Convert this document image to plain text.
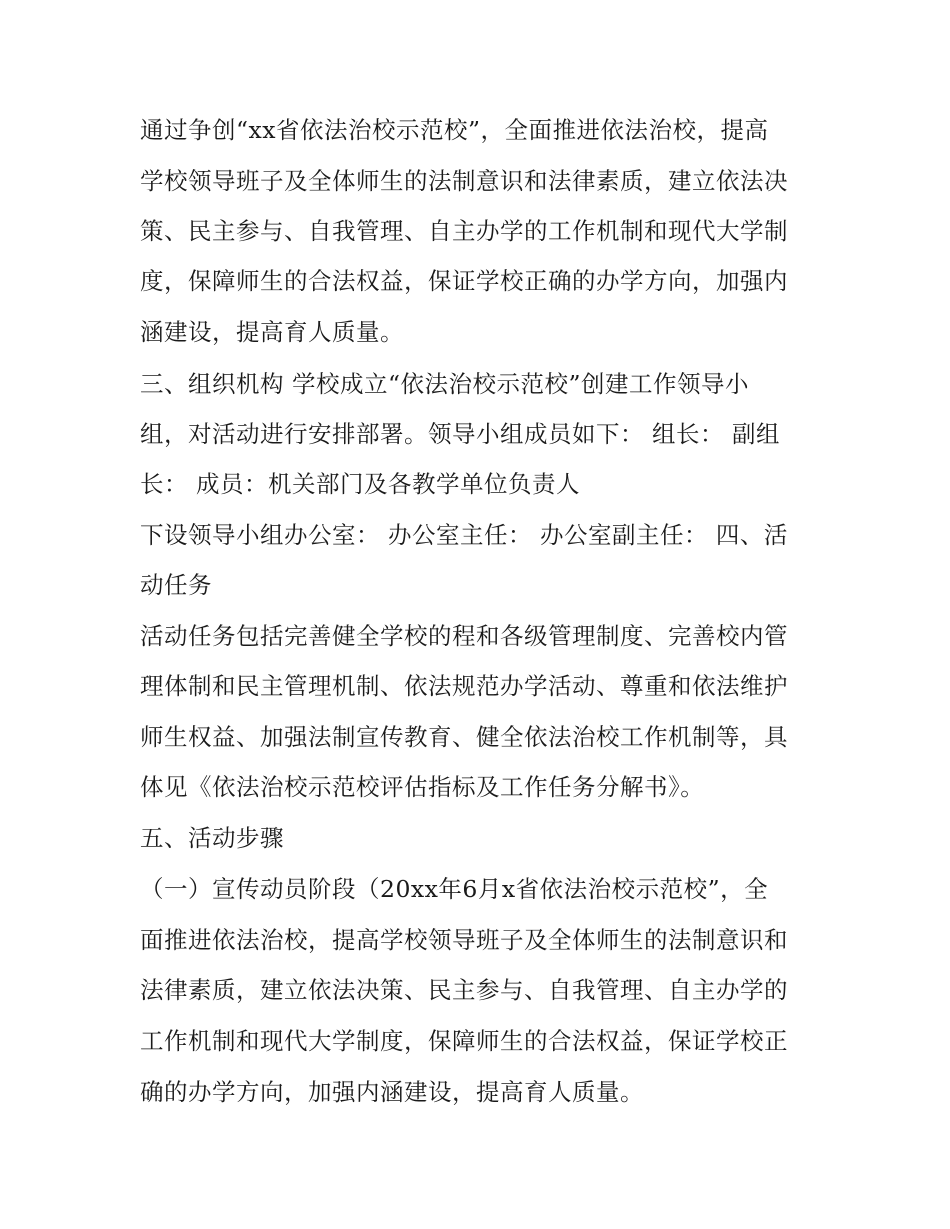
通过争创“xx省依法治校示范校”，全面推进依法治校，提高
学校领导班子及全体师生的法制意识和法律素质，建立依法决
策、民主参与、自我管理、自主办学的工作机制和现代大学制
度，保障师生的合法权益，保证学校正确的办学方向，加强内
涵建设，提高育人质量。
三、组织机构 学校成立“依法治校示范校”创建工作领导小
组，对活动进行安排部署。领导小组成员如下： 组长： 副组
长： 成员：机关部门及各教学单位负责人
下设领导小组办公室： 办公室主任： 办公室副主任： 四、活
动任务
活动任务包括完善健全学校的程和各级管理制度、完善校内管
理体制和民主管理机制、依法规范办学活动、尊重和依法维护
师生权益、加强法制宣传教育、健全依法治校工作机制等，具
体见《依法治校示范校评估指标及工作任务分解书》。
五、活动步骤
（一）宣传动员阶段（20xx年6月x省依法治校示范校”，全
面推进依法治校，提高学校领导班子及全体师生的法制意识和
法律素质，建立依法决策、民主参与、自我管理、自主办学的
工作机制和现代大学制度，保障师生的合法权益，保证学校正
确的办学方向，加强内涵建设，提高育人质量。
